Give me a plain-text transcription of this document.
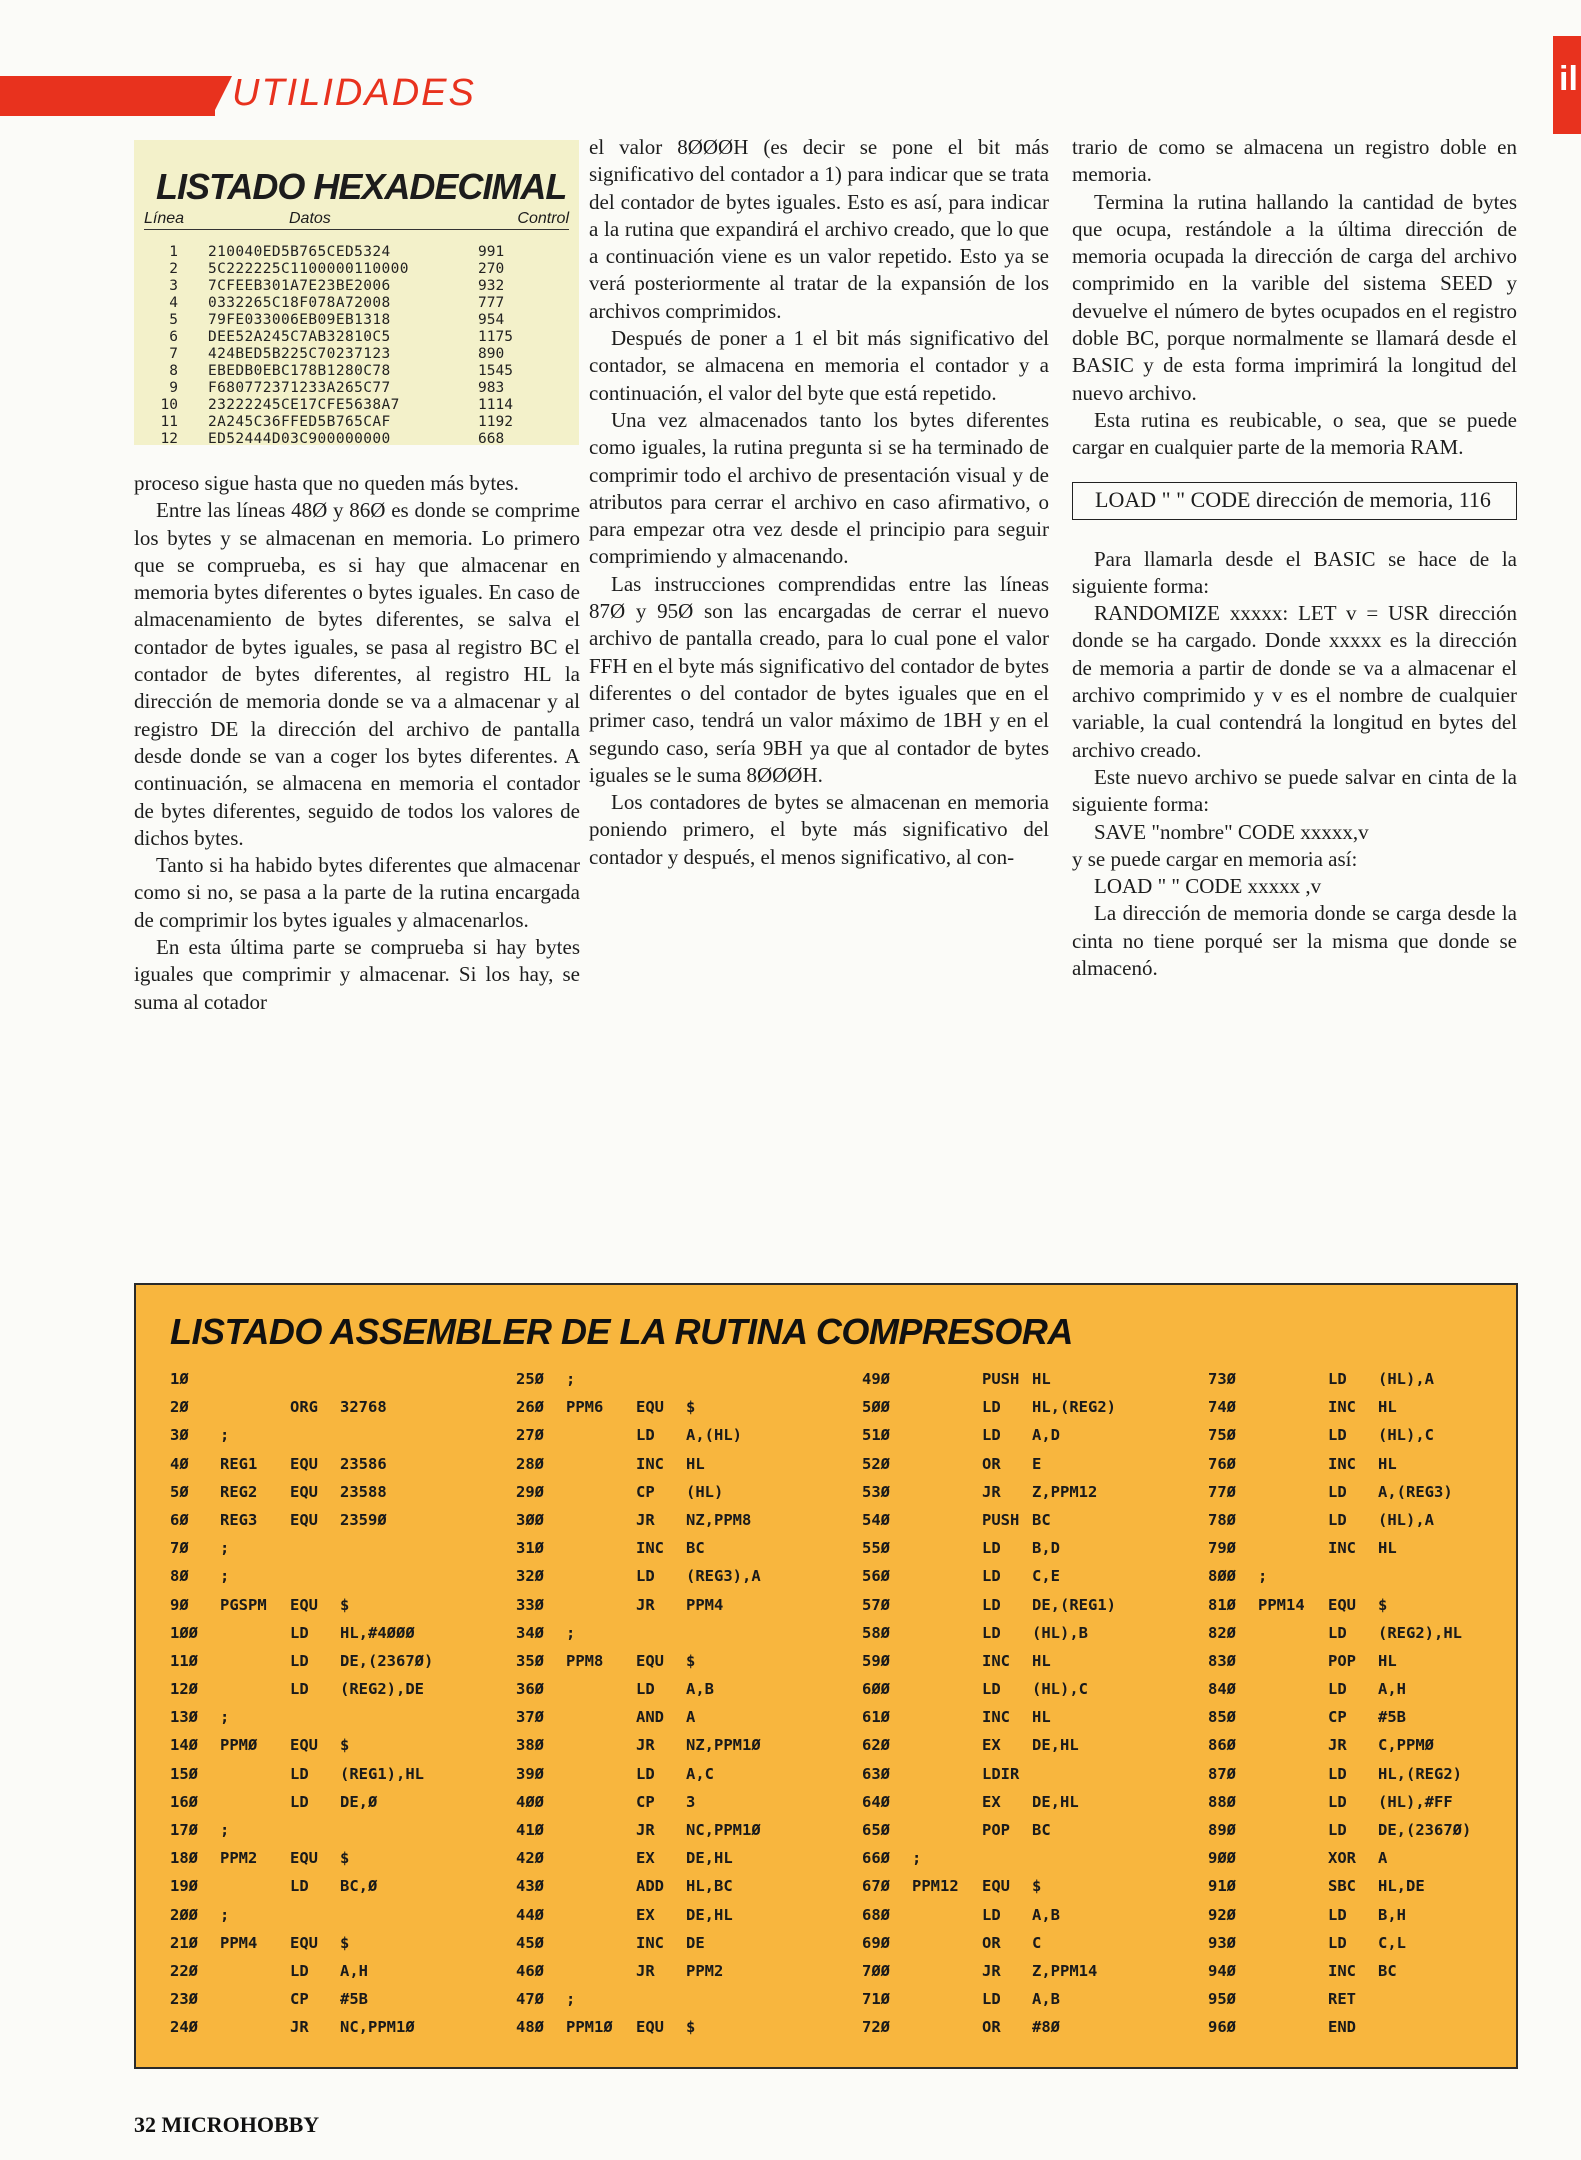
UTILIDADES	il
LISTADO HEXADECIMAL
Línea	Datos	Control
1	210040ED5B765CED5324	991
2	5C222225C1100000110000	270
3	7CFEEB301A7E23BE2006	932
4	0332265C18F078A72008	777
5	79FE033006EB09EB1318	954
6	DEE52A245C7AB32810C5	1175
7	424BED5B225C70237123	890
8	EBEDB0EBC178B1280C78	1545
9	F680772371233A265C77	983
10	23222245CE17CFE5638A7	1114
11	2A245C36FFED5B765CAF	1192
12	ED52444D03C900000000	668

proceso sigue hasta que no queden más bytes.

Entre las líneas 48Ø y 86Ø es donde se comprime los bytes y se almacenan en memoria. Lo primero que se comprueba, es si hay que almacenar en memoria bytes diferentes o bytes iguales. En caso de almacenamiento de bytes diferentes, se salva el contador de bytes iguales, se pasa al registro BC el contador de bytes diferentes, al registro HL la dirección de memoria donde se va a almacenar y al registro DE la dirección del archivo de pantalla desde donde se van a coger los bytes diferentes. A continuación, se almacena en memoria el contador de bytes diferentes, seguido de todos los valores de dichos bytes.

Tanto si ha habido bytes diferentes que almacenar como si no, se pasa a la parte de la rutina encargada de comprimir los bytes iguales y almacenarlos.

En esta última parte se comprueba si hay bytes iguales que comprimir y almacenar. Si los hay, se suma al cotador

el valor 8ØØØH (es decir se pone el bit más significativo del contador a 1) para indicar que se trata del contador de bytes iguales. Esto es así, para indicar a la rutina que expandirá el archivo creado, que lo que a continuación viene es un valor repetido. Esto ya se verá posteriormente al tratar de la expansión de los archivos comprimidos.

Después de poner a 1 el bit más significativo del contador, se almacena en memoria el contador y a continuación, el valor del byte que está repetido.

Una vez almacenados tanto los bytes diferentes como iguales, la rutina pregunta si se ha terminado de comprimir todo el archivo de presentación visual y de atributos para cerrar el archivo en caso afirmativo, o para empezar otra vez desde el principio para seguir comprimiendo y almacenando.

Las instrucciones comprendidas entre las líneas 87Ø y 95Ø son las encargadas de cerrar el nuevo archivo de pantalla creado, para lo cual pone el valor FFH en el byte más significativo del contador de bytes diferentes o del contador de bytes iguales que en el primer caso, tendrá un valor máximo de 1BH y en el segundo caso, sería 9BH ya que al contador de bytes iguales se le suma 8ØØØH.

Los contadores de bytes se almacenan en memoria poniendo primero, el byte más significativo del contador y después, el menos significativo, al con-

trario de como se almacena un registro doble en memoria.

Termina la rutina hallando la cantidad de bytes que ocupa, restándole a la última dirección de memoria ocupada la dirección de carga del archivo comprimido en la varible del sistema SEED y devuelve el número de bytes ocupados en el registro doble BC, porque normalmente se llamará desde el BASIC y de esta forma imprimirá la longitud del nuevo archivo.

Esta rutina es reubicable, o sea, que se puede cargar en cualquier parte de la memoria RAM.

LOAD " " CODE dirección de memoria, 116

Para llamarla desde el BASIC se hace de la siguiente forma:

RANDOMIZE xxxxx: LET v = USR dirección donde se ha cargado. Donde xxxxx es la dirección de memoria a partir de donde se va a almacenar el archivo comprimido y v es el nombre de cualquier variable, la cual contendrá la longitud en bytes del archivo creado.

Este nuevo archivo se puede salvar en cinta de la siguiente forma:

SAVE "nombre" CODE xxxxx,v

y se puede cargar en memoria así:

LOAD " " CODE xxxxx ,v

La dirección de memoria donde se carga desde la cinta no tiene porqué ser la misma que donde se almacenó.

LISTADO ASSEMBLER DE LA RUTINA COMPRESORA
1Ø
2Ø	ORG	32768
3Ø	;
4Ø	REG1	EQU	23586
5Ø	REG2	EQU	23588
6Ø	REG3	EQU	2359Ø
7Ø	;
8Ø	;
9Ø	PGSPM	EQU	$
1ØØ	LD	HL,#4ØØØ
11Ø	LD	DE,(2367Ø)
12Ø	LD	(REG2),DE
13Ø	;
14Ø	PPMØ	EQU	$
15Ø	LD	(REG1),HL
16Ø	LD	DE,Ø
17Ø	;
18Ø	PPM2	EQU	$
19Ø	LD	BC,Ø
2ØØ	;
21Ø	PPM4	EQU	$
22Ø	LD	A,H
23Ø	CP	#5B
24Ø	JR	NC,PPM1Ø
25Ø	;
26Ø	PPM6	EQU	$
27Ø	LD	A,(HL)
28Ø	INC	HL
29Ø	CP	(HL)
3ØØ	JR	NZ,PPM8
31Ø	INC	BC
32Ø	LD	(REG3),A
33Ø	JR	PPM4
34Ø	;
35Ø	PPM8	EQU	$
36Ø	LD	A,B
37Ø	AND	A
38Ø	JR	NZ,PPM1Ø
39Ø	LD	A,C
4ØØ	CP	3
41Ø	JR	NC,PPM1Ø
42Ø	EX	DE,HL
43Ø	ADD	HL,BC
44Ø	EX	DE,HL
45Ø	INC	DE
46Ø	JR	PPM2
47Ø	;
48Ø	PPM1Ø	EQU	$
49Ø	PUSH HL
5ØØ	LD	HL,(REG2)
51Ø	LD	A,D
52Ø	OR	E
53Ø	JR	Z,PPM12
54Ø	PUSH BC
55Ø	LD	B,D
56Ø	LD	C,E
57Ø	LD	DE,(REG1)
58Ø	LD	(HL),B
59Ø	INC	HL
6ØØ	LD	(HL),C
61Ø	INC	HL
62Ø	EX	DE,HL
63Ø	LDIR
64Ø	EX	DE,HL
65Ø	POP	BC
66Ø	;
67Ø	PPM12	EQU	$
68Ø	LD	A,B
69Ø	OR	C
7ØØ	JR	Z,PPM14
71Ø	LD	A,B
72Ø	OR	#8Ø
73Ø	LD	(HL),A
74Ø	INC	HL
75Ø	LD	(HL),C
76Ø	INC	HL
77Ø	LD	A,(REG3)
78Ø	LD	(HL),A
79Ø	INC	HL
8ØØ	;
81Ø	PPM14	EQU	$
82Ø	LD	(REG2),HL
83Ø	POP	HL
84Ø	LD	A,H
85Ø	CP	#5B
86Ø	JR	C,PPMØ
87Ø	LD	HL,(REG2)
88Ø	LD	(HL),#FF
89Ø	LD	DE,(2367Ø)
9ØØ	XOR	A
91Ø	SBC	HL,DE
92Ø	LD	B,H
93Ø	LD	C,L
94Ø	INC	BC
95Ø	RET
96Ø	END
32 MICROHOBBY
